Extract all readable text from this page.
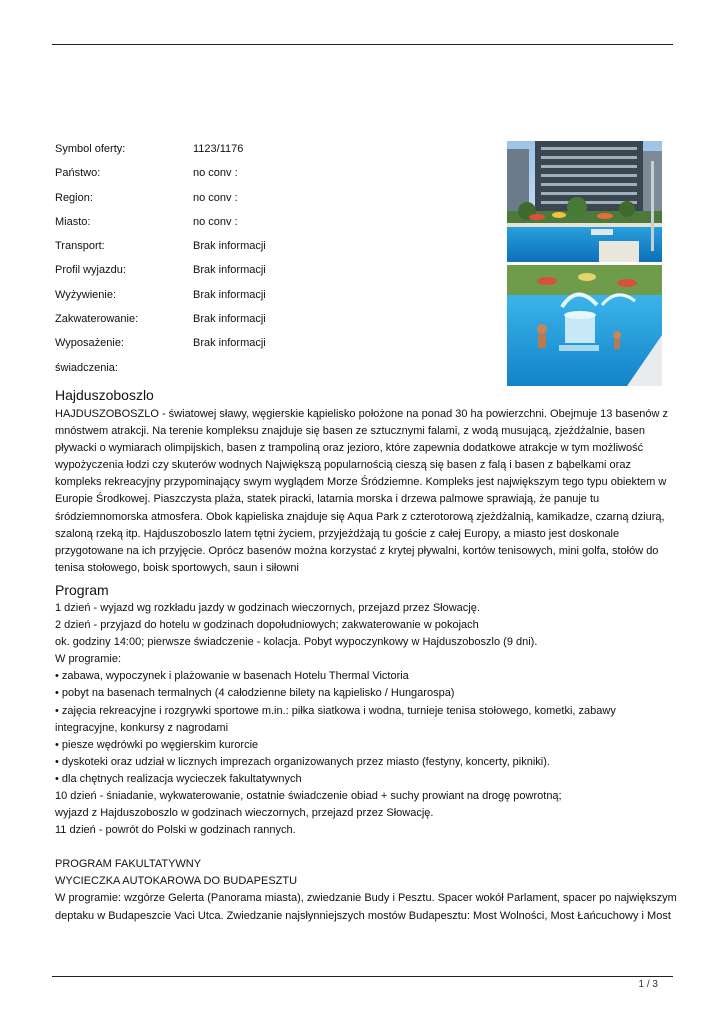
Symbol oferty:	1123/1176
Państwo:	no conv :
Region:	no conv :
Miasto:	no conv :
Transport:	Brak informacji
Profil wyjazdu:	Brak informacji
Wyżywienie:	Brak informacji
Zakwaterowanie:	Brak informacji
Wyposażenie:	Brak informacji
świadczenia:
Hajduszoboszlo

HAJDUSZOBOSZLO - światowej sławy, węgierskie kąpielisko położone na ponad 30 ha powierzchni. Obejmuje 13 basenów z mnóstwem atrakcji. Na terenie kompleksu znajduje się basen ze sztucznymi falami, z wodą musującą, zjeżdżalnie, basen pływacki o wymiarach olimpijskich, basen z trampoliną oraz jezioro, które zapewnia dodatkowe atrakcje w tym możliwość wypożyczenia łodzi czy skuterów wodnych Największą popularnością cieszą się basen z falą i basen z bąbelkami oraz kompleks rekreacyjny przypominający swym wyglądem Morze Śródziemne. Kompleks jest największym tego typu obiektem w Europie Środkowej. Piaszczysta plaża, statek piracki, latarnia morska i drzewa palmowe sprawiają, że panuje tu śródziemnomorska atmosfera. Obok kąpieliska znajduje się Aqua Park z czterotorową zjeżdżalnią, kamikadze, czarną dziurą, szaloną rzeką itp. Hajduszoboszlo latem tętni życiem, przyjeżdżają tu goście z całej Europy, a miasto jest doskonale przygotowane na ich przyjęcie. Oprócz basenów można korzystać z krytej pływalni, kortów tenisowych, mini golfa, stołów do tenisa stołowego, boisk sportowych, saun i siłowni

Program
1 dzień - wyjazd wg rozkładu jazdy w godzinach wieczornych, przejazd przez Słowację.
2 dzień - przyjazd do hotelu w godzinach dopołudniowych; zakwaterowanie w pokojach
ok. godziny 14:00; pierwsze świadczenie - kolacja. Pobyt wypoczynkowy w Hajduszoboszlo (9 dni).
W programie:
• zabawa, wypoczynek i plażowanie w basenach Hotelu Thermal Victoria
• pobyt na basenach termalnych (4 całodzienne bilety na kąpielisko / Hungarospa)
• zajęcia rekreacyjne i rozgrywki sportowe m.in.: piłka siatkowa i wodna, turnieje tenisa stołowego, kometki, zabawy
integracyjne, konkursy z nagrodami
• piesze wędrówki po węgierskim kurorcie
• dyskoteki oraz udział w licznych imprezach organizowanych przez miasto (festyny, koncerty, pikniki).
• dla chętnych realizacja wycieczek fakultatywnych
10 dzień - śniadanie, wykwaterowanie, ostatnie świadczenie obiad + suchy prowiant na drogę powrotną;
wyjazd z Hajduszoboszlo w godzinach wieczornych, przejazd przez Słowację.
11 dzień - powrót do Polski w godzinach rannych.
PROGRAM FAKULTATYWNY
WYCIECZKA AUTOKAROWA DO BUDAPESZTU
W programie: wzgórze Gelerta (Panorama miasta), zwiedzanie Budy i Pesztu. Spacer wokół Parlament, spacer po największym
deptaku w Budapeszcie Vaci Utca. Zwiedzanie najsłynniejszych mostów Budapesztu: Most Wolności, Most Łańcuchowy i Most
1 / 3
